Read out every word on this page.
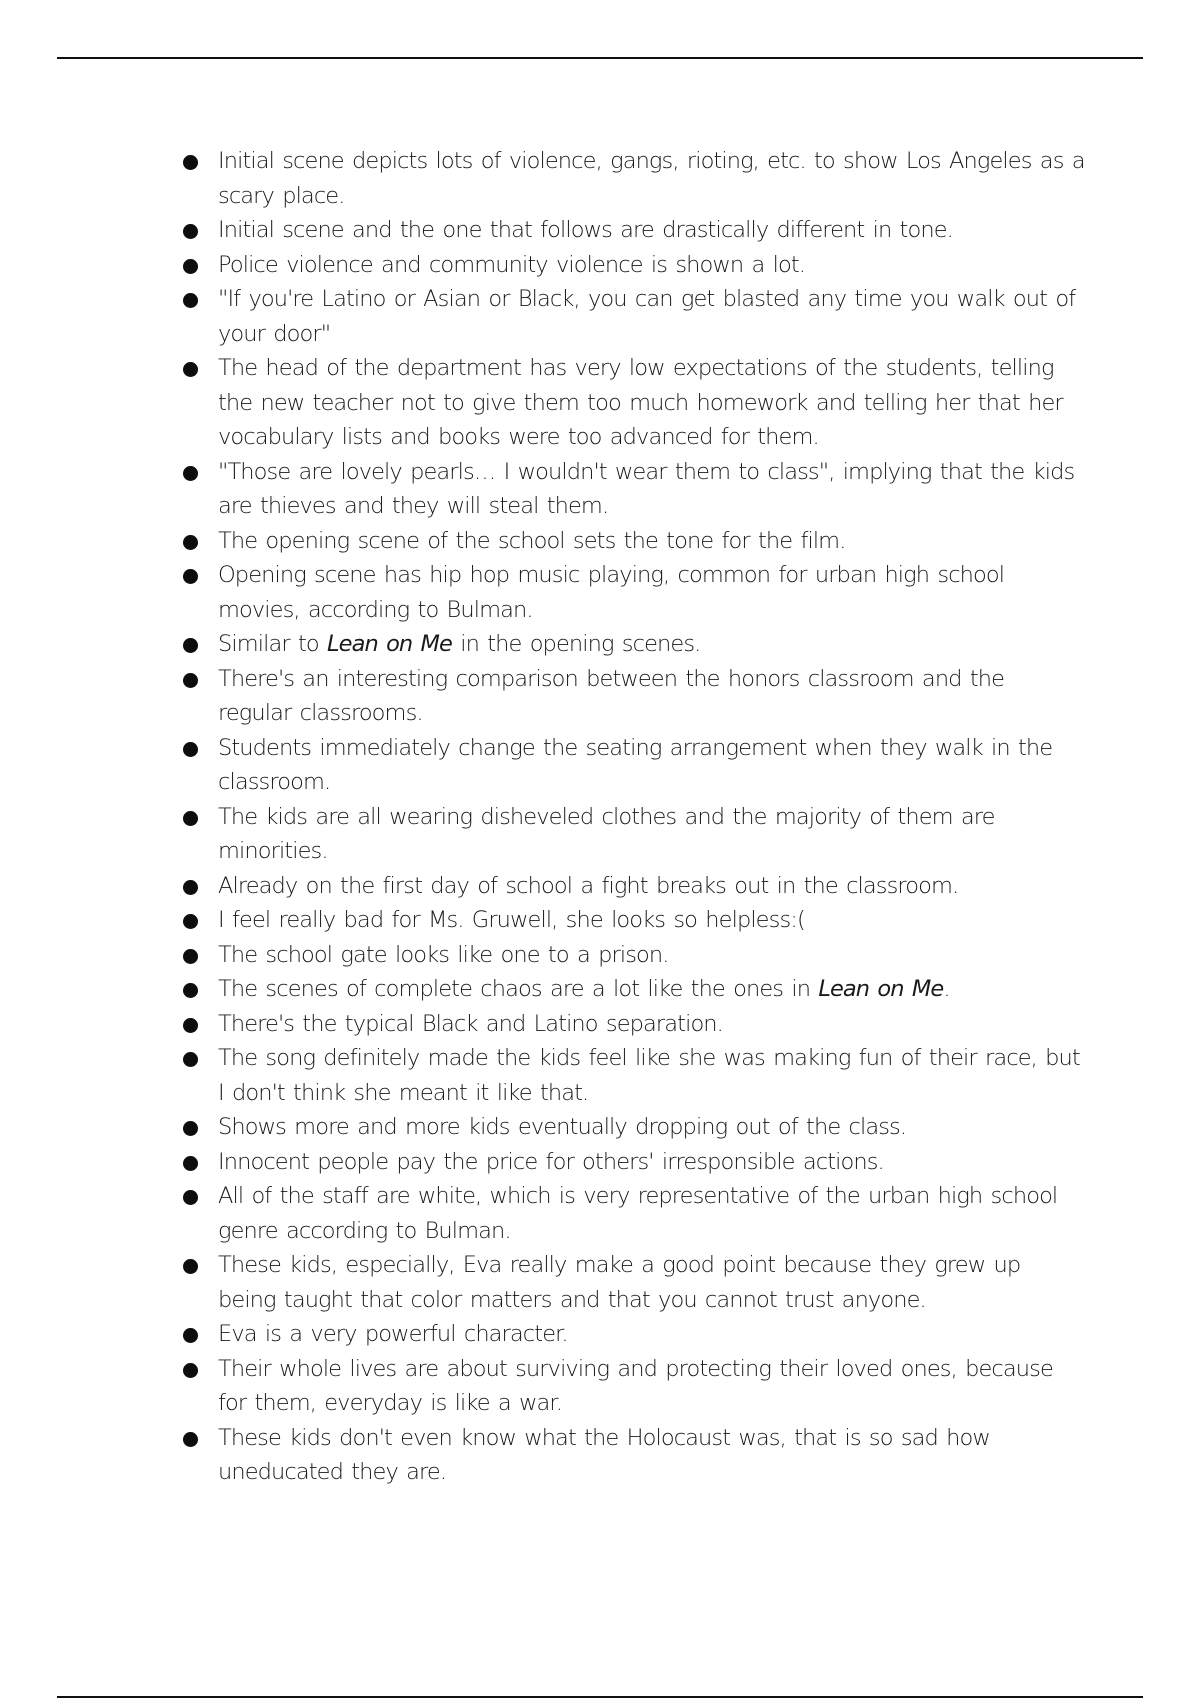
Initial scene depicts lots of violence, gangs, rioting, etc. to show Los Angeles as a scary place.
Initial scene and the one that follows are drastically different in tone.
Police violence and community violence is shown a lot.
"If you're Latino or Asian or Black, you can get blasted any time you walk out of your door"
The head of the department has very low expectations of the students, telling the new teacher not to give them too much homework and telling her that her vocabulary lists and books were too advanced for them.
"Those are lovely pearls… I wouldn't wear them to class", implying that the kids are thieves and they will steal them.
The opening scene of the school sets the tone for the film.
Opening scene has hip hop music playing, common for urban high school movies, according to Bulman.
Similar to Lean on Me in the opening scenes.
There's an interesting comparison between the honors classroom and the regular classrooms.
Students immediately change the seating arrangement when they walk in the classroom.
The kids are all wearing disheveled clothes and the majority of them are minorities.
Already on the first day of school a fight breaks out in the classroom.
I feel really bad for Ms. Gruwell, she looks so helpless:(
The school gate looks like one to a prison.
The scenes of complete chaos are a lot like the ones in Lean on Me.
There's the typical Black and Latino separation.
The song definitely made the kids feel like she was making fun of their race, but I don't think she meant it like that.
Shows more and more kids eventually dropping out of the class.
Innocent people pay the price for others' irresponsible actions.
All of the staff are white, which is very representative of the urban high school genre according to Bulman.
These kids, especially, Eva really make a good point because they grew up being taught that color matters and that you cannot trust anyone.
Eva is a very powerful character.
Their whole lives are about surviving and protecting their loved ones, because for them, everyday is like a war.
These kids don't even know what the Holocaust was, that is so sad how uneducated they are.
